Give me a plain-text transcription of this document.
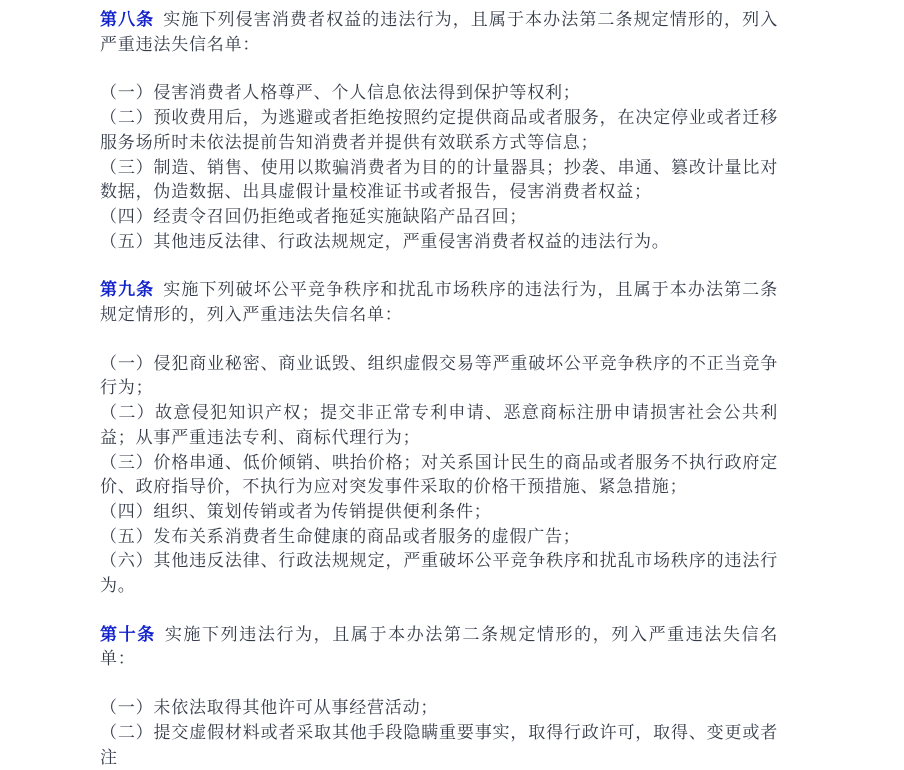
第八条 实施下列侵害消费者权益的违法行为，且属于本办法第二条规定情形的，列入严重违法失信名单：

（一）侵害消费者人格尊严、个人信息依法得到保护等权利；

（二）预收费用后，为逃避或者拒绝按照约定提供商品或者服务，在决定停业或者迁移服务场所时未依法提前告知消费者并提供有效联系方式等信息；

（三）制造、销售、使用以欺骗消费者为目的的计量器具；抄袭、串通、篡改计量比对数据，伪造数据、出具虚假计量校准证书或者报告，侵害消费者权益；

（四）经责令召回仍拒绝或者拖延实施缺陷产品召回；

（五）其他违反法律、行政法规规定，严重侵害消费者权益的违法行为。

第九条 实施下列破坏公平竞争秩序和扰乱市场秩序的违法行为，且属于本办法第二条规定情形的，列入严重违法失信名单：

（一）侵犯商业秘密、商业诋毁、组织虚假交易等严重破坏公平竞争秩序的不正当竞争行为；

（二）故意侵犯知识产权；提交非正常专利申请、恶意商标注册申请损害社会公共利益；从事严重违法专利、商标代理行为；

（三）价格串通、低价倾销、哄抬价格；对关系国计民生的商品或者服务不执行政府定价、政府指导价，不执行为应对突发事件采取的价格干预措施、紧急措施；

（四）组织、策划传销或者为传销提供便利条件；

（五）发布关系消费者生命健康的商品或者服务的虚假广告；

（六）其他违反法律、行政法规规定，严重破坏公平竞争秩序和扰乱市场秩序的违法行为。

第十条 实施下列违法行为，且属于本办法第二条规定情形的，列入严重违法失信名单：

（一）未依法取得其他许可从事经营活动；

（二）提交虚假材料或者采取其他手段隐瞒重要事实，取得行政许可，取得、变更或者注
